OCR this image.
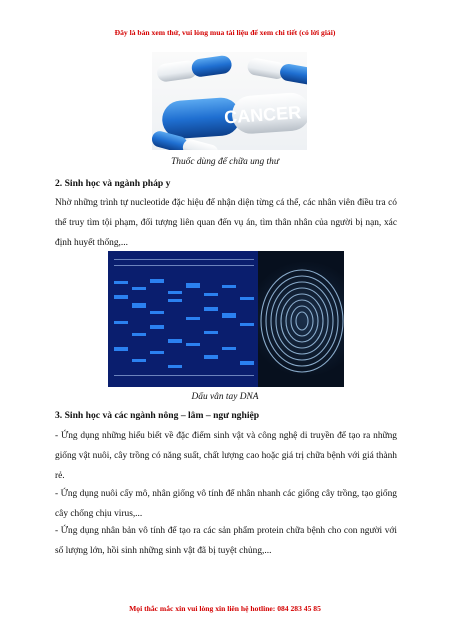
Đây là bản xem thử, vui lòng mua tài liệu để xem chi tiết (có lời giải)
CANCER
Thuốc dùng để chữa ung thư
2. Sinh học và ngành pháp y
Nhờ những trình tự nucleotide đặc hiệu để nhận diện từng cá thể, các nhân viên điều tra có thể truy tìm tội phạm, đối tượng liên quan đến vụ án, tìm thân nhân của người bị nạn, xác định huyết thống,...
Dấu vân tay DNA
3. Sinh học và các ngành nông – lâm – ngư nghiệp
- Ứng dụng những hiểu biết về đặc điểm sinh vật và công nghệ di truyền để tạo ra những giống vật nuôi, cây trồng có năng suất, chất lượng cao hoặc giá trị chữa bệnh với giá thành rẻ.
- Ứng dụng nuôi cấy mô, nhân giống vô tính để nhân nhanh các giống cây trồng, tạo giống cây chống chịu virus,...
- Ứng dụng nhân bản vô tính để tạo ra các sản phẩm protein chữa bệnh cho con người với số lượng lớn, hồi sinh những sinh vật đã bị tuyệt chủng,...
Mọi thắc mắc xin vui lòng xin liên hệ hotline: 084 283 45 85
